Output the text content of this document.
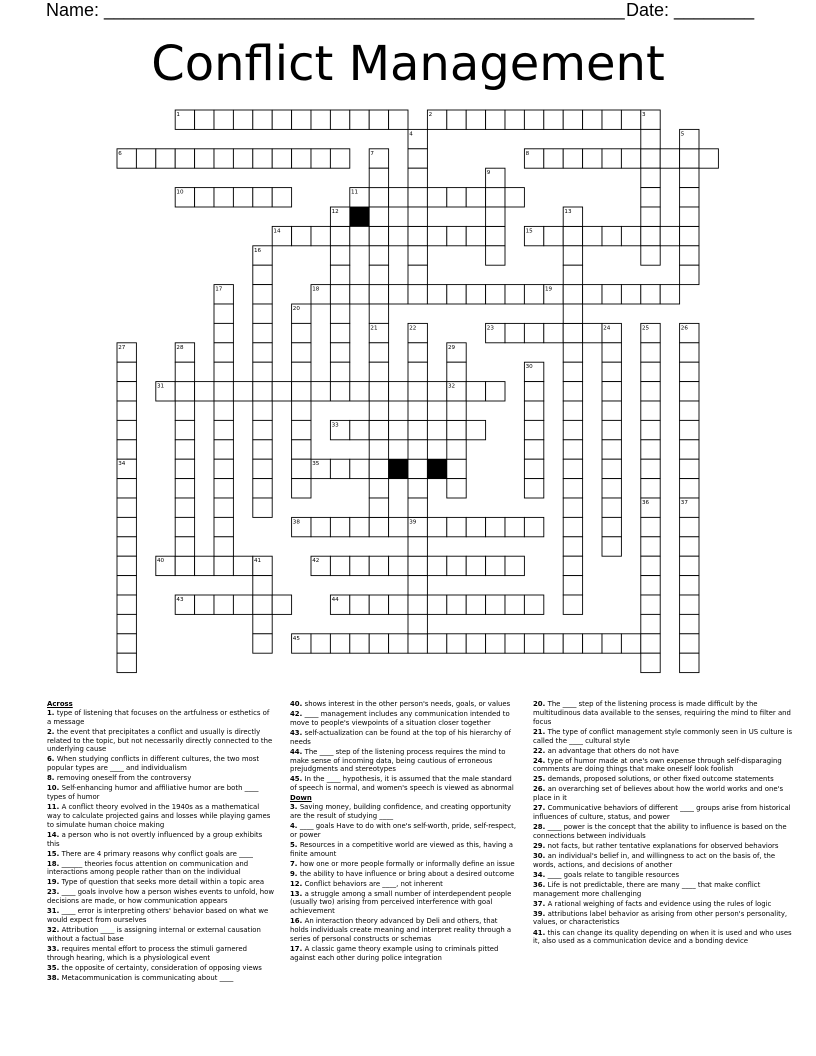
Name: ____________________________________________________ Date: ________
Conflict Management
1	2	3
4	5
6	7	8
9
10	11
12	13
14	15
16
17	18	19
20
21	22	23	24	25	26
27	28	29
30
31	32
33
34	35
36	37
38	39
40	41	42
43	44
45
Across
1. type of listening that focuses on the artfulness or esthetics of a message
2. the event that precipitates a conflict and usually is directly related to the topic, but not necessarily directly connected to the underlying cause
6. When studying conflicts in different cultures, the two most popular types are ____ and individualism
8. removing oneself from the controversy
10. Self-enhancing humor and affiliative humor are both ____ types of humor
11. A conflict theory evolved in the 1940s as a mathematical way to calculate projected gains and losses while playing games to simulate human choice making
14. a person who is not overtly influenced by a group exhibits this
15. There are 4 primary reasons why conflict goals are ____
18. ______ theories focus attention on communication and interactions among people rather than on the individual
19. Type of question that seeks more detail within a topic area
23. ____ goals involve how a person wishes events to unfold, how decisions are made, or how communication appears
31. ____ error is interpreting others' behavior based on what we would expect from ourselves
32. Attribution ____ is assigning internal or external causation without a factual base
33. requires mental effort to process the stimuli garnered through hearing, which is a physiological event
35. the opposite of certainty, consideration of opposing views
38. Metacommunication is communicating about ____
40. shows interest in the other person's needs, goals, or values
42. ____ management includes any communication intended to move to people's viewpoints of a situation closer together
43. self-actualization can be found at the top of his hierarchy of needs
44. The ____ step of the listening process requires the mind to make sense of incoming data, being cautious of erroneous prejudgments and stereotypes
45. In the ____ hypothesis, it is assumed that the male standard of speech is normal, and women's speech is viewed as abnormal
Down
3. Saving money, building confidence, and creating opportunity are the result of studying ____
4. ____ goals Have to do with one's self-worth, pride, self-respect, or power
5. Resources in a competitive world are viewed as this, having a finite amount
7. how one or more people formally or informally define an issue
9. the ability to have influence or bring about a desired outcome
12. Conflict behaviors are ____, not inherent
13. a struggle among a small number of interdependent people (usually two) arising from perceived interference with goal achievement
16. An interaction theory advanced by Deli and others, that holds individuals create meaning and interpret reality through a series of personal constructs or schemas
17. A classic game theory example using to criminals pitted against each other during police integration
20. The ____ step of the listening process is made difficult by the multitudinous data available to the senses, requiring the mind to filter and focus
21. The type of conflict management style commonly seen in US culture is called the ____ cultural style
22. an advantage that others do not have
24. type of humor made at one's own expense through self-disparaging comments are doing things that make oneself look foolish
25. demands, proposed solutions, or other fixed outcome statements
26. an overarching set of believes about how the world works and one's place in it
27. Communicative behaviors of different ____ groups arise from historical influences of culture, status, and power
28. ____ power is the concept that the ability to influence is based on the connections between individuals
29. not facts, but rather tentative explanations for observed behaviors
30. an individual's belief in, and willingness to act on the basis of, the words, actions, and decisions of another
34. ____ goals relate to tangible resources
36. Life is not predictable, there are many ____ that make conflict management more challenging
37. A rational weighing of facts and evidence using the rules of logic
39. attributions label behavior as arising from other person's personality, values, or characteristics
41. this can change its quality depending on when it is used and who uses it, also used as a communication device and a bonding device
